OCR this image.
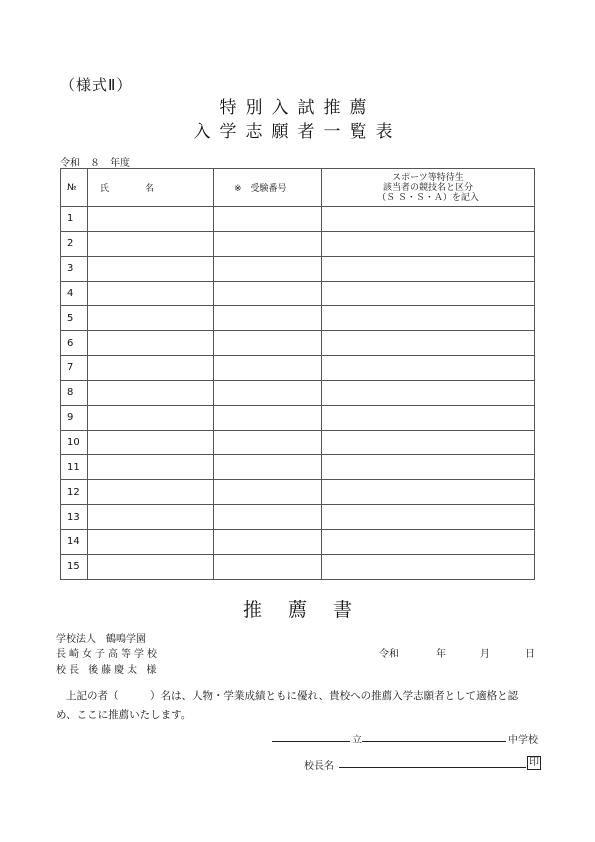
（様式Ⅱ）
特別入試推薦
入学志願者一覧表
令和　８　年度
№	氏　　　　名	※　受験番号	スポーツ等特待生
該当者の競技名と区分
（Ｓ Ｓ・Ｓ・Ａ）を記入

1			
2			
3			
4			
5			
6			
7			
8			
9			
10			
11			
12			
13			
14			
15			
推薦書
学校法人　鶴鳴学園
長崎女子高等学校
校長 後藤慶太 様
令和	年	月	日
上記の者（　　　）名は、人物・学業成績ともに優れ、貴校への推薦入学志願者として適格と認め、ここに推薦いたします。
立	中学校
校長名	印
